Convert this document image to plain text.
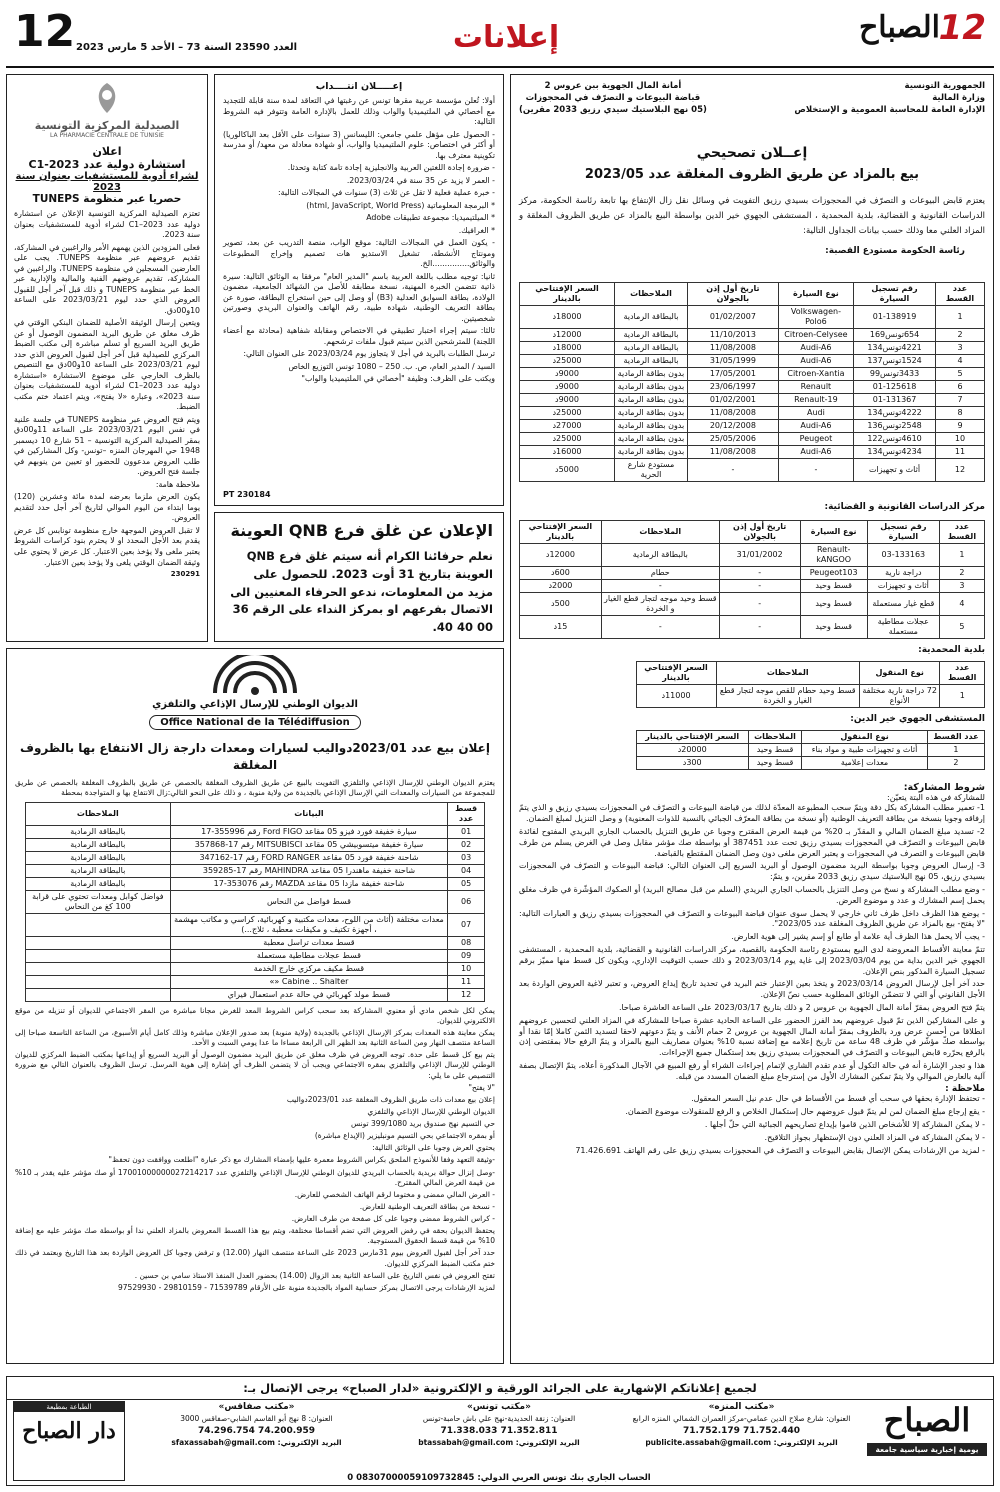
12 العدد 23590 السنة 73 – الأحد 5 مارس 2023	إعلانات	12
الصباح
الجمهورية التونسية
وزارة المالية
الإدارة العامة للمحاسبة العمومية و الإستخلاص
أمانة المال الجهوية ببن عروس 2
قباضة البيوعات و التصرّف في المحجوزات
(05 نهج البلاستيك سيدي رزيق 2033 مقرين)
إعــلان تصحيحي
بيع بالمزاد عن طريق الظروف المغلقة عدد 2023/05
يعتزم قابض البيوعات و التصرّف في المحجوزات بسيدي رزيق التفويت في وسائل نقل زال الإنتفاع بها تابعة رئاسة الحكومة، مركز الدراسات القانونية و القضائية، بلدية المحمدية ، المستشفى الجهوي خير الدين بواسطة البيع بالمزاد عن طريق الظروف المغلقة و المزاد العلني معا وذلك حسب بيانات الجداول التالية:
رئاسة الحكومة مستودع القصبة:
عدد القسط	رقم تسجيل السيارة	نوع السيارة	تاريخ أول إذن بالجولان	الملاحظات	السعر الإفتتاحي بالدينار
1	01-138919	Volkswagen-Polo6	01/02/2007	بالبطاقة الرمادية	18000د
2	654تونس169	Citroen-Celysee	11/10/2013	بالبطاقة الرمادية	12000د
3	4221تونس134	Audi-A6	11/08/2008	بالبطاقة الرمادية	18000د
4	1524تونس137	Audi-A6	31/05/1999	بالبطاقة الرمادية	25000د
5	3433تونس99	Citroen-Xantia	17/05/2001	بدون بطاقة الرمادية	9000د
6	01-125618	Renault	23/06/1997	بدون بطاقة الرمادية	9000د
7	01-131367	Renault-19	01/02/2001	بدون بطاقة الرمادية	9000د
8	4222تونس134	Audi	11/08/2008	بدون بطاقة الرمادية	25000د
9	2548تونس136	Audi-A6	20/12/2008	بدون بطاقة الرمادية	27000د
10	4610تونس122	Peugeot	25/05/2006	بدون بطاقة الرمادية	25000د
11	4234تونس134	Audi-A6	11/08/2008	بدون بطاقة الرمادية	16000د
12	أثاث و تجهيزات	-	-	مستودع شارع الحرية	5000د
مركز الدراسات القانونية و القضائية:
عدد القسط	رقم تسجيل السيارة	نوع السيارة	تاريخ أول إذن بالجولان	الملاحظات	السعر الإفتتاحي بالدينار
1	03-133163	Renault-kANGOO	31/01/2002	بالبطاقة الرمادية	12000د
2	دراجة نارية	Peugeot103	-	حطام	600د
3	أثاث و تجهيزات	قسط وحيد	-	-	2000د
4	قطع غيار مستعملة	قسط وحيد	-	قسط وحيد موجه لتجار قطع الغيار و الخردة	500د
5	عجلات مطاطية مستعملة	قسط وحيد	-	-	15د
بلدية المحمدية:
عدد القسط	نوع المنقول	الملاحظات	السعر الإفتتاحي بالدينار
1	72 دراجة نارية مختلفة الأنواع	قسط وحيد حطام للقص موجه لتجار قطع الغيار و الخردة	11000د
المستشفى الجهوي خير الدين:
عدد القسط	نوع المنقول	الملاحظات	السعر الإفتتاحي بالدينار
1	أثاث و تجهيزات طبية و مواد بناء	قسط وحيد	20000د
2	معدات إعلامية	قسط وحيد	300د
شروط المشاركة:
للمشاركة في هذه البتة يتعيّن:

1- تعمير مطلب المشاركة بكل دقة ويتمّ سحب المطبوعة المعدّة لذلك من قباضة البيوعات و التصرّف في المحجوزات بسيدي رزيق و الذي يتمّ إرفاقه وجوبا بنسخة من بطاقة التعريف الوطنية (أو نسخة من بطاقة المعرّف الجبائي بالنسبة للذوات المعنوية) و وصل التنزيل لمبلغ الضمان.

2- تسديد مبلغ الضمان المالي و المقدّر بـ 20% من قيمة العرض المقترح وجوبا عن طريق التنزيل بالحساب الجاري البريدي المفتوح لفائدة قابض البيوعات و التصرّف في المحجوزات بسيدي رزيق تحت عدد 387451 أو بواسطة صك مؤشر مقابل وصل في الغرض يسلم من طرف قابض البيوعات و التصرف في المحجوزات و يعتبر العرض ملغى دون وصل الضمان المقتطع بالقباضة.

3- إرسال العروض وجوبا بواسطة البريد مضمون الوصول أو البريد السريع إلى العنوان التالي: قباضة البيوعات و التصرّف في المحجوزات بسيدي رزيق، 05 نهج البلاستيك سيدي رزيق 2033 مقرين، و يتمّ:

- وضع مطلب المشاركة و نسخ من وصل التنزيل بالحساب الجاري البريدي (السلم من قبل مصالح البريد) أو الصكوك المؤشّرة في ظرف مغلق يحمل إسم المشارك و عدد و موضوع العرض.

- يوضع هذا الظرف داخل ظرف ثاني خارجي لا يحمل سوى عنوان قباضة البيوعات و التصرّف في المحجوزات بسيدي رزيق و العبارات التالية: "لا يفتح- بيع بالمزاد عن طريق الظروف المغلقة عدد 2023/05".

- يجب ألا يحمل هذا الظرف أية علامة أو طابع أو إسم يشير إلى هوية العارض.

تتمّ معاينة الأقساط المعروضة لدى البيع بمستودع رئاسة الحكومة بالقصبة، مركز الدراسات القانونية و القضائية، بلدية المحمدية ، المستشفى الجهوي خير الدين بداية من يوم 2023/03/04 إلى غاية يوم 2023/03/14 و ذلك حسب التوقيت الإداري، ويكون كل قسط منها مميّز برقم تسجيل السيارة المذكور بنص الإعلان.

حدد آخر أجل لإرسال العروض 2023/03/14 و يتخذ بعين الإعتبار ختم البريد في تحديد تاريخ إيداع العروض، و تعتبر لاغية العروض الواردة بعد الأجل القانوني أو التي لا تتضمّن الوثائق المطلوبة حسب نصّ الإعلان.

يتمّ فتح العروض بمقرّ أمانة المال الجهوية بن عروس 2 و ذلك بتاريخ 2023/03/17 على الساعة العاشرة صباحا.

و على المشاركين الذين تمّ قبول عروضهم بعد الفرز الحضور على الساعة الحادية عشرة صباحا للمشاركة في المزاد العلني لتحسين عروضهم انطلاقا من أحسن عرض ورد بالظروف بمقرّ أمانة المال الجهوية بن عروس 2 حمام الأنف و يتمّ دعوتهم لاحقا لتسديد الثمن كاملا إمّا نقدا أو بواسطة صكّ مؤشّر في ظرف 48 ساعة من تاريخ إعلامه مع إضافة نسبة 10% بعنوان مصاريف البيع بالمزاد و يتمّ الرفع حالا بمقتضى إذن بالرفع يحرّره قابض البيوعات و التصرّف في المحجوزات بسيدي رزيق بعد إستكمال جميع الإجراءات.

هذا و تجدر الإشارة أنه في حالة التكول أو عدم تقدم الشاري لإتمام إجراءات الشراء أو رفع المبيع في الآجال المذكورة أعلاه، يتمّ الإتصال بصفة آلية بالعارض الموالي ولا يتمّ تمكين المشارك الأول من إسترجاع مبلغ الضمان المسدد من قبله.

ملاحظة :

- تحتفظ الإدارة بحقها في سحب أي قسط من الأقساط في حال عدم نيل السعر المعقول.

- يقع إرجاع مبلغ الضمان لمن لم يتمّ قبول عروضهم حال إستكمال الخلاص و الرفع للمنقولات موضوع الضمان.

- لا يمكن المشاركة إلا للأشخاص الذين قاموا بإيداع تصاريحهم الجبائية التي حلّ أجلها .

- لا يمكن المشاركة في المزاد العلني دون الإستظهار بجواز التلاقيح.

- لمزيد من الإرشادات يمكن الإتصال بقابض البيوعات و التصرّف في المحجوزات بسيدي رزيق على رقم الهاتف 71.426.691

إعـــــلان انتــــداب

أولا: تُعلن مؤسسة عربية مقرها تونس عن رغبتها في التعاقد لمدة سنة قابلة للتجديد مع أخصائي في الملتيميديا والواب وذلك للعمل بالإدارة العامة وتتوفر فيه الشروط التالية:

- الحصول على مؤهل علمي جامعي: الليسانس (3 سنوات على الأقل بعد الباكالوريا) أو أكثر في اختصاص: علوم الملتيميديا والواب، أو شهادة معادلة من معهد/ أو مدرسة تكوينية معترف بها.

- ضرورة إجادة اللغتين العربية والانجليزية إجادة تامة كتابة وتحدثا.

- العمر لا يزيد عن 35 سنة في 2023/03/24.

- خبرة عملية فعلية لا تقل عن ثلاث (3) سنوات في المجالات التالية:

* البرمجة المعلوماتية (html, JavaScript, World Press)

* الميلتيميديا: مجموعة تطبيقات Adobe

* الغرافيك.

- يكون العمل في المجالات التالية: موقع الواب، منصة التدريب عن بعد، تصوير ومونتاج الأنشطة، تشغيل الاستديو هات تصميم وإخراج المطبوعات والوثائق...............الخ.

ثانيا: توجيه مطلب باللغة العربية باسم "المدير العام" مرفقا به الوثائق التالية: سيرة ذاتية تتضمن الخبرة المهنية، نسخة مطابقة للأصل من الشهائد الجامعية، مضمون الولادة، بطاقة السوابق العدلية (B3) أو وصل إلى حين استخراج البطاقة، صورة عن بطاقة التعريف الوطنية، شهادة طبية، رقم الهاتف والعنوان البريدي وصورتين شخصيتين.

ثالثا: سيتم إجراء اختبار تطبيقي في الاختصاص ومقابلة شفاهية (محادثة مع أعضاء اللجنة) للمترشحين الذين سيتم قبول ملفات ترشحهم.

ترسل الطلبات بالبريد في أجل لا يتجاوز يوم 2023/03/24 على العنوان التالي:

السيد / المدير العام، ص. ب. 250 – 1080 تونس التوزيع الخاص

ويكتب على الظرف: وظيفة "أخصائي في الملتيميديا والواب"

PT 230184
الإعلان عن غلق فرع QNB العوينة
نعلم حرفائنا الكرام أنه سيتم غلق فرع QNB العوينة بتاريخ 31 أوت 2023. للحصول على مزيد من المعلومات، ندعو الحرفاء المعنيين الى الاتصال بفرعهم او بمركز النداء على الرقم 36 00 40 40.
الصيدلية المركزية التونسية
LA PHARMACIE CENTRALE DE TUNISIE
اعلان
استشارة دولية عدد C1-2023
لشراء أدوية للمستشفيات بعنوان سنة 2023
حصريا عبر منظومة TUNEPS

تعتزم الصيدلية المركزية التونسية الإعلان عن استشارة دولية عدد C1–2023 لشراء أدوية للمستشفيات بعنوان سنة 2023.

فعلى المزودين الذين يهمهم الأمر والراغبين في المشاركة، تقديم عروضهم عبر منظومة TUNEPS. يجب على العارضين المسجلين في منظومة TUNEPS، والراغبين في المشاركة، تقديم عروضهم الفنية والمالية والإدارية عبر الخط عبر منظومة TUNEPS و ذلك قبل آخر أجل للقبول العروض الذي حدد ليوم 2023/03/21 على الساعة 10و00دق.

ويتعين إرسال الوثيقة الأصلية للضمان البنكي الوقتي في ظرف مغلق عن طريق البريد المضمون الوصول أو عن طريق البريد السريع أو تسلم مباشرة إلى مكتب الضبط المركزي للصيدلية قبل آخر أجل لقبول العروض الذي حدد ليوم 2023/03/21 على الساعة 10و00دق مع التنصيص بالظرف الخارجي على موضوع الاستشارة «استشارة دولية عدد C1–2023 لشراء أدوية للمستشفيات بعنوان سنة 2023»، وعبارة «لا يفتح»، ويتم اعتماد ختم مكتب الضبط.

ويتم فتح العروض عبر منظومة TUNEPS في جلسة علنية في نفس اليوم 2023/03/21 على الساعة 11و00دق بمقر الصيدلية المركزية التونسية – 51 شارع 10 ديسمبر 1948 حي المهرجان المنزه –تونس- وكل المشاركين في طلب العروض مدعوون للحضور او تعيين من ينوبهم في جلسة فتح العروض.

ملاحظة هامة:

يكون العرض ملزما بعرضه لمدة مائة وعشرين (120) يوما ابتداء من اليوم الموالي لتاريخ آخر أجل حدد لتقديم العروض.

لا تقبل العروض الموجهة خارج منظومة تونابس كل عرض يقدم بعد الأجل المحدد او لا يحترم بنود كراسات الشروط يعتبر ملغى ولا يؤخذ بعين الاعتبار. كل عرض لا يحتوي على وثيقة الضمان الوقتي يلغى ولا يؤخذ بعين الاعتبار.

230291
الديوان الوطني للإرسال الإذاعي والتلفزي
Office National de la Télédiffusion
إعلان بيع عدد 2023/01دواليب لسيارات ومعدات دارجة زال الانتفاع بها بالظروف المغلقة
يعتزم الديوان الوطني للإرسال الإذاعي والتلفزي التفويت بالبيع عن طريق الظروف المغلقة بالحصص عن طريق بالظروف المغلقة بالحصص عن طريق للمجموعة من السيارات والمعدات التي الإرسال الإذاعي بالجديدة من ولاية منوبة ، و ذلك على النحو التالي:زال الانتفاع بها و المتواجدة بمحطة
قسط عدد	البيانات	الملاحظات
01	سيارة خفيفة فورد فيزو 05 مقاعد Ford FIGO رقم 355996-17	بالبطاقة الرمادية
02	سيارة خفيفة ميتسوبيشي 05 مقاعد MITSUBISCI رقم 17-357868	بالبطاقة الرمادية
03	شاحنة خفيفة فورد 05 مقاعد FORD RANGER رقم 17-347162	بالبطاقة الرمادية
04	شاحنة خفيفة ماهندرا 05 مقاعد MAHINDRA رقم 17-359285	بالبطاقة الرمادية
05	شاحنة خفيفة مازدا 05 مقاعد MAZDA رقم 353076-17	بالبطاقة الرمادية
06	قسط فواضل من النحاس	فواضل كوابل ومعدات تحتوي على قرابة 100 كغ من النحاس
07	معدات مختلفة (أثاث من اللوح، معدات مكتبية و كهربائية، كراسي و مكاتب مهشمة ، أجهزة تكتيف و مكيفات معطبة ، ثلاج...)	
08	قسط معدات تراسل معطبة	
09	قسط عجلات مطاطية مستعملة	
10	قسط مكيف مركزي خارج الخدمة	
11	Cabine .. Shalter «»	
12	قسط مولد كهربائي في حالة عدم استعمال فيراي	

يمكن لكل شخص مادي أو معنوي المشاركة بعد سحب كراس الشروط المعد للغرض مجانا مباشرة من المقر الاجتماعي للديوان أو تنزيله من موقع الالكتروني للديوان.

يمكن معاينة هذه المعدات بمركز الإرسال الإذاعي بالجديدة (ولاية منوبة) بعد صدور الإعلان مباشرة وذلك كامل أيام الأسبوع، من الساعة التاسعة صباحا إلى الساعة منتصف النهار ومن الساعة الثانية بعد الظهر الى الرابعة مساءا ما عدا يومي السبت و الأحد.

يتم بيع كل قسط على حدة. توجه العروض في ظرف مغلق عن طريق البريد مضمون الوصول أو البريد السريع أو إيداعها بمكتب الضبط المركزي للديوان الوطني للإرسال الإذاعي والتلفزي بمقره الاجتماعي ويجب أن لا يتضمن الظرف أي إشارة إلى هوية المرسل. ترسل الظروف بالعنوان التالي مع ضرورة التنصيص على ما يلي:

"لا يفتح"

إعلان بيع معدات ذات طريق الظروف المغلقة عدد 2023/01دواليب

الديوان الوطني للإرسال الإذاعي والتلفزي

حي التسيم نهج صندوق بريد 399/1080 تونس

أو بمقره الاجتماعي بحي التسيم مونبليزير (الإيداع مباشرة)

يحتوي العرض وجوبا على الوثائق التالية:

-وثيقة التعهد وفقا للأنموذج الملحق بكراس الشروط معمرة عليها بإمضاء المشارك مع ذكر عبارة "اطلعت ووافقت دون تحفظ"

-وصل إنزال حوالة بريدية بالحساب البريدي للديوان الوطني للإرسال الإذاعي والتلفزي عدد 17001000000027214217 أو صك مؤشر عليه يقدر بـ 10% من قيمة العرض المالي المقترح.

- العرض المالي ممضى و مختوما لرقم الهاتف الشخصي للعارض.

- نسخة من بطاقة التعريف الوطنية للعارض.

- كراس الشروط ممضى وجوبا على كل صفحة من طرف العارض.

يحتفظ الديوان بحقه في رفض العروض التي تضم أقساطا مختلفة، ويتم بيع هذا القسط المعروض بالمزاد العلني ندا أو بواسطة صك مؤشر عليه مع إضافة 10% من قيمة قسط الحقوق المستوجبة.

حدد آخر أجل لقبول العروض بيوم 31مارس 2023 على الساعة منتصف النهار (12.00) و ترفض وجوبا كل العروض الواردة بعد هذا التاريخ وبعتمد في ذلك ختم مكتب الضبط المركزي للديوان.

تفتح العروض في نفس التاريخ على الساعة الثانية بعد الزوال (14.00) بحضور العدل المنفذ الاستاذ سامي بن حسين .

لمزيد الإرشادات يرجى الاتصال بمركز حسابية المواد بالجديدة منوبة على الأرقام 71539789 - 29810159 - 97529930

لجميع إعلاناتكم الإشهارية على الجرائد الورقية و الإلكترونية «لدار الصباح» يرجى الإتصال بـ:
الصباح
يومية إخبارية سياسية جامعة
«مكتب المنزه»
العنوان: شارع صلاح الدين عمامي-مركز العمران الشمالي المنزه الرابع
71.752.179 71.752.440
البريد الإلكتروني: publicite.assabah@gmail.com
«مكتب تونس»
العنوان: زنقة الحديدية-نهج علي باش حامبة-تونس
71.338.033 71.352.811
البريد الإلكتروني: btassabah@gmail.com
«مكتب صفاقس»
العنوان: 8 نهج أبو القاسم الشابي-صفاقس 3000
74.296.754 74.200.959
البريد الإلكتروني: sfaxassabah@gmail.com
الحساب الجاري بنك تونس العربي الدولي: 08307000059109732845 0
الطباعة بمطبعة
دار الصباح
